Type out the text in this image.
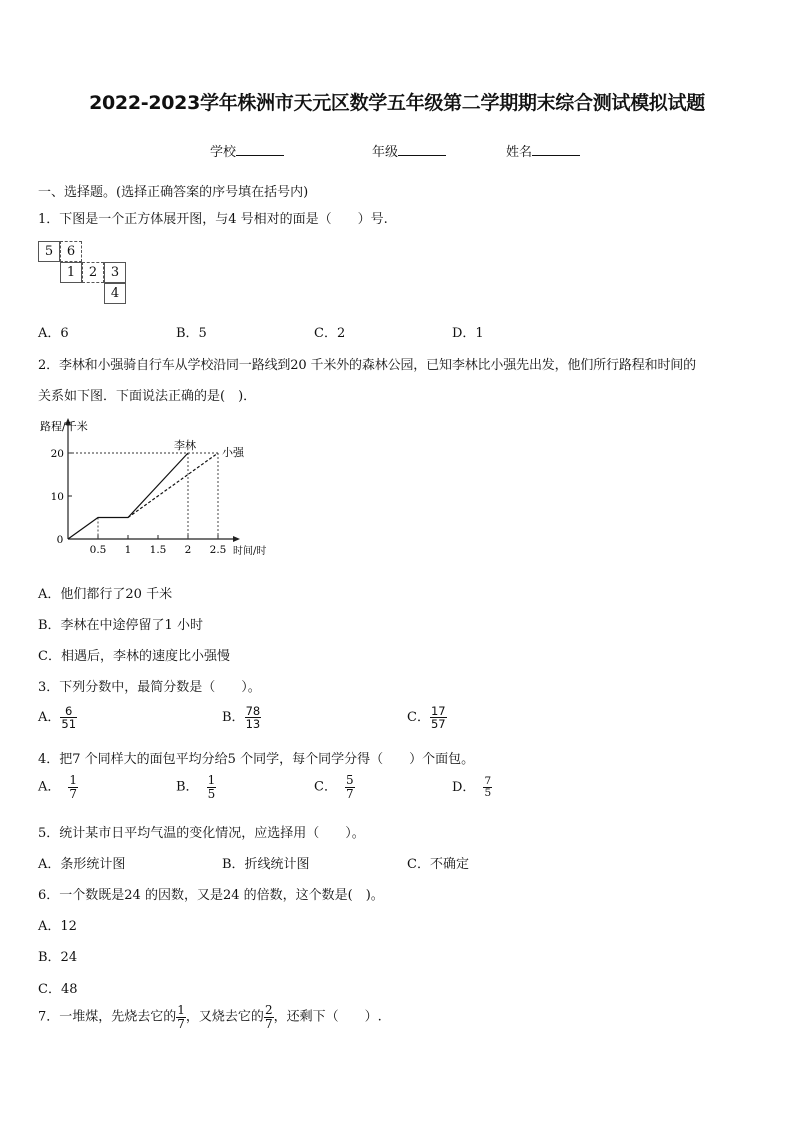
2022-2023学年株洲市天元区数学五年级第二学期期末综合测试模拟试题
学校	年级	姓名
一、选择题。(选择正确答案的序号填在括号内)
1．下图是一个正方体展开图，与4 号相对的面是（　　）号.
5	6
1	2	3
4
A．6	B．5	C．2	D．1
2．李林和小强骑自行车从学校沿同一路线到20 千米外的森林公园，已知李林比小强先出发，他们所行路程和时间的
关系如下图．下面说法正确的是(　)．
路程/千米
时间/时
0
0.5 1 1.5 2 2.5
10
20
李林
小强
A．他们都行了20 千米
B．李林在中途停留了1 小时
C．相遇后，李林的速度比小强慢
3．下列分数中，最简分数是（　　）。
A． $\frac{6}{51}$	B． $\frac{78}{13}$	C． $\frac{17}{57}$
4．把7 个同样大的面包平均分给5 个同学，每个同学分得（　　）个面包。
A． $\frac{1}{7}$	B． $\frac{1}{5}$	C． $\frac{5}{7}$	D． $\frac{7}{5}$
5．统计某市日平均气温的变化情况，应选择用（　　）。
A．条形统计图	B．折线统计图	C．不确定
6．一个数既是24 的因数，又是24 的倍数，这个数是(　)。
A．12
B．24
C．48
7．一堆煤，先烧去它的 $\frac{1}{7}$ ，又烧去它的 $\frac{2}{7}$ ，还剩下（　　）.
